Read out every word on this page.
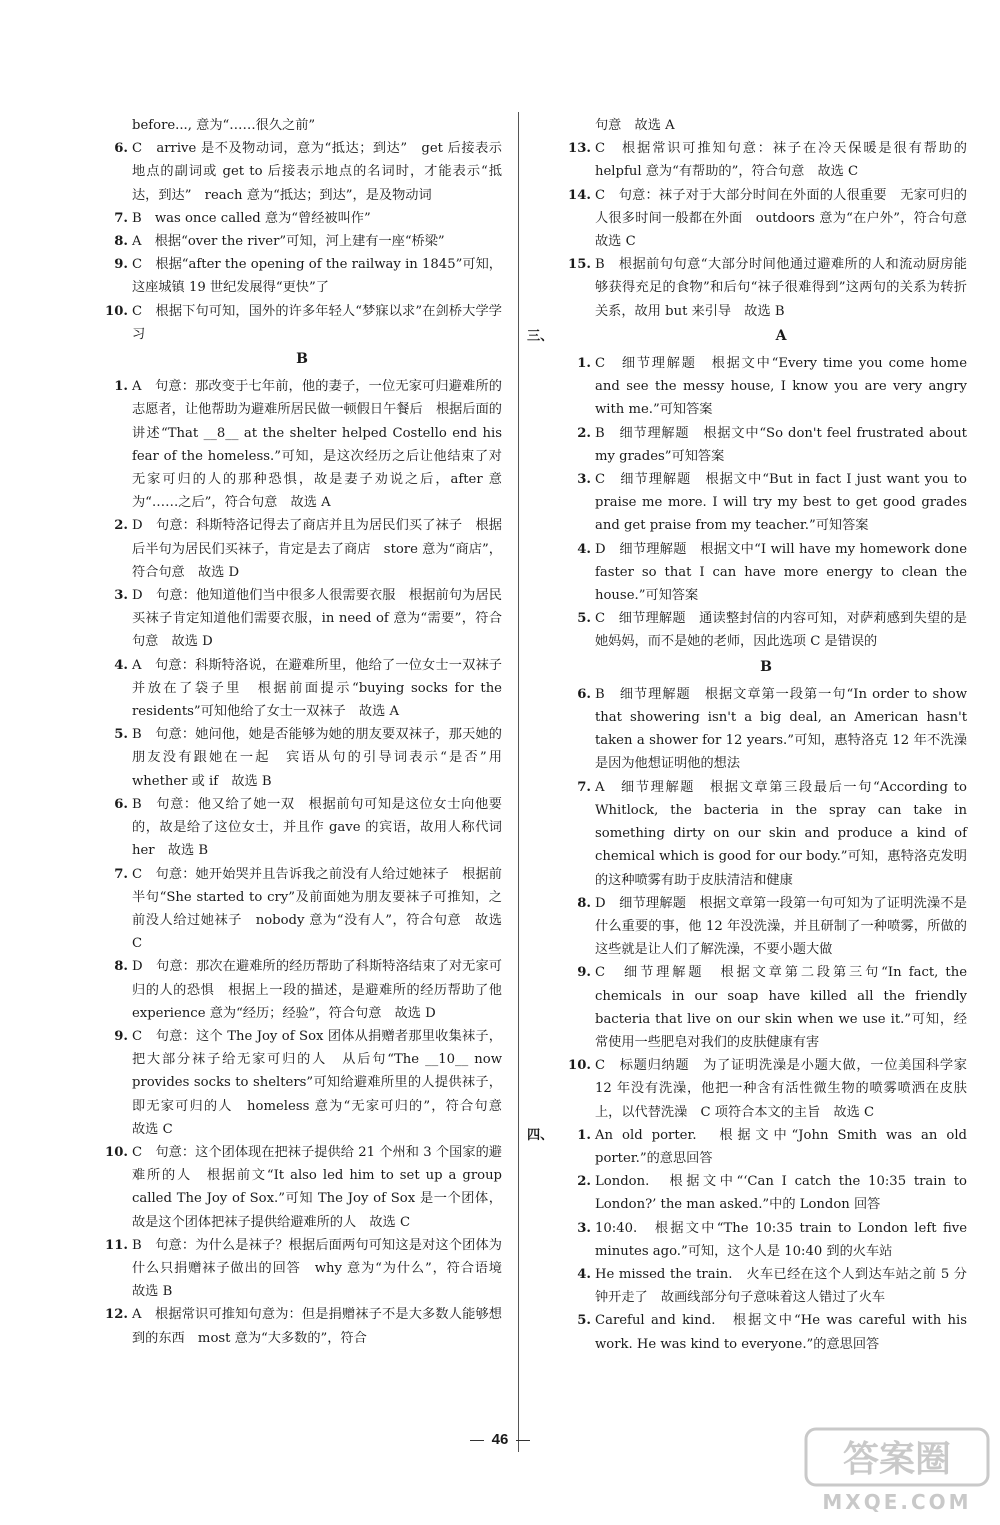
before..., 意为“……很久之前”
6. C　arrive 是不及物动词，意为“抵达；到达”　get 后接表示地点的副词或 get to 后接表示地点的名词时，才能表示“抵达，到达”　reach 意为“抵达；到达”，是及物动词
7. B　was once called 意为“曾经被叫作”
8. A　根据“over the river”可知，河上建有一座“桥梁”
9. C　根据“after the opening of the railway in 1845”可知，这座城镇 19 世纪发展得“更快”了
10. C　根据下句可知，国外的许多年轻人“梦寐以求”在剑桥大学学习
B
1. A　句意：那改变于七年前，他的妻子，一位无家可归避难所的志愿者，让他帮助为避难所居民做一顿假日午餐后　根据后面的讲述“That __8__ at the shelter helped Costello end his fear of the homeless.”可知，是这次经历之后让他结束了对无家可归的人的那种恐惧，故是妻子劝说之后，after 意为“……之后”，符合句意　故选 A
2. D　句意：科斯特洛记得去了商店并且为居民们买了袜子　根据后半句为居民们买袜子，肯定是去了商店　store 意为“商店”，符合句意　故选 D
3. D　句意：他知道他们当中很多人很需要衣服　根据前句为居民买袜子肯定知道他们需要衣服，in need of 意为“需要”，符合句意　故选 D
4. A　句意：科斯特洛说，在避难所里，他给了一位女士一双袜子并放在了袋子里　根据前面提示“buying socks for the residents”可知他给了女士一双袜子　故选 A
5. B　句意：她问他，她是否能够为她的朋友要双袜子，那天她的朋友没有跟她在一起　宾语从句的引导词表示“是否”用 whether 或 if　故选 B
6. B　句意：他又给了她一双　根据前句可知是这位女士向他要的，故是给了这位女士，并且作 gave 的宾语，故用人称代词 her　故选 B
7. C　句意：她开始哭并且告诉我之前没有人给过她袜子　根据前半句“She started to cry”及前面她为朋友要袜子可推知，之前没人给过她袜子　nobody 意为“没有人”，符合句意　故选 C
8. D　句意：那次在避难所的经历帮助了科斯特洛结束了对无家可归的人的恐惧　根据上一段的描述，是避难所的经历帮助了他　experience 意为“经历；经验”，符合句意　故选 D
9. C　句意：这个 The Joy of Sox 团体从捐赠者那里收集袜子，把大部分袜子给无家可归的人　从后句“The __10__ now provides socks to shelters”可知给避难所里的人提供袜子，即无家可归的人　homeless 意为“无家可归的”，符合句意　故选 C
10. C　句意：这个团体现在把袜子提供给 21 个州和 3 个国家的避难所的人　根据前文“It also led him to set up a group called The Joy of Sox.”可知 The Joy of Sox 是一个团体，故是这个团体把袜子提供给避难所的人　故选 C
11. B　句意：为什么是袜子？根据后面两句可知这是对这个团体为什么只捐赠袜子做出的回答　why 意为“为什么”，符合语境　故选 B
12. A　根据常识可推知句意为：但是捐赠袜子不是大多数人能够想到的东西　most 意为“大多数的”，符合
句意　故选 A
13. C　根据常识可推知句意：袜子在冷天保暖是很有帮助的　helpful 意为“有帮助的”，符合句意　故选 C
14. C　句意：袜子对于大部分时间在外面的人很重要　无家可归的人很多时间一般都在外面　outdoors 意为“在户外”，符合句意　故选 C
15. B　根据前句句意“大部分时间他通过避难所的人和流动厨房能够获得充足的食物”和后句“袜子很难得到”这两句的关系为转折关系，故用 but 来引导　故选 B
三、	A
1. C　细节理解题　根据文中“Every time you come home and see the messy house, I know you are very angry with me.”可知答案
2. B　细节理解题　根据文中“So don't feel frustrated about my grades”可知答案
3. C　细节理解题　根据文中“But in fact I just want you to praise me more. I will try my best to get good grades and get praise from my teacher.”可知答案
4. D　细节理解题　根据文中“I will have my homework done faster so that I can have more energy to clean the house.”可知答案
5. C　细节理解题　通读整封信的内容可知，对萨莉感到失望的是她妈妈，而不是她的老师，因此选项 C 是错误的
B
6. B　细节理解题　根据文章第一段第一句“In order to show that showering isn't a big deal, an American hasn't taken a shower for 12 years.”可知，惠特洛克 12 年不洗澡是因为他想证明他的想法
7. A　细节理解题　根据文章第三段最后一句“According to Whitlock, the bacteria in the spray can take in something dirty on our skin and produce a kind of chemical which is good for our body.”可知，惠特洛克发明的这种喷雾有助于皮肤清洁和健康
8. D　细节理解题　根据文章第一段第一句可知为了证明洗澡不是什么重要的事，他 12 年没洗澡，并且研制了一种喷雾，所做的这些就是让人们了解洗澡，不要小题大做
9. C　细节理解题　根据文章第二段第三句“In fact, the chemicals in our soap have killed all the friendly bacteria that live on our skin when we use it.”可知，经常使用一些肥皂对我们的皮肤健康有害
10. C　标题归纳题　为了证明洗澡是小题大做，一位美国科学家 12 年没有洗澡，他把一种含有活性微生物的喷雾喷洒在皮肤上，以代替洗澡　C 项符合本文的主旨　故选 C
四、	1. An old porter.　根据文中“John Smith was an old porter.”的意思回答
2. London.　根据文中“‘Can I catch the 10:35 train to London?’ the man asked.”中的 London 回答
3. 10:40.　根据文中“The 10:35 train to London left five minutes ago.”可知，这个人是 10:40 到的火车站
4. He missed the train.　火车已经在这个人到达车站之前 5 分钟开走了　故画线部分句子意味着这人错过了火车
5. Careful and kind.　根据文中“He was careful with his work. He was kind to everyone.”的意思回答
46	答案圈
MXQE.COM
